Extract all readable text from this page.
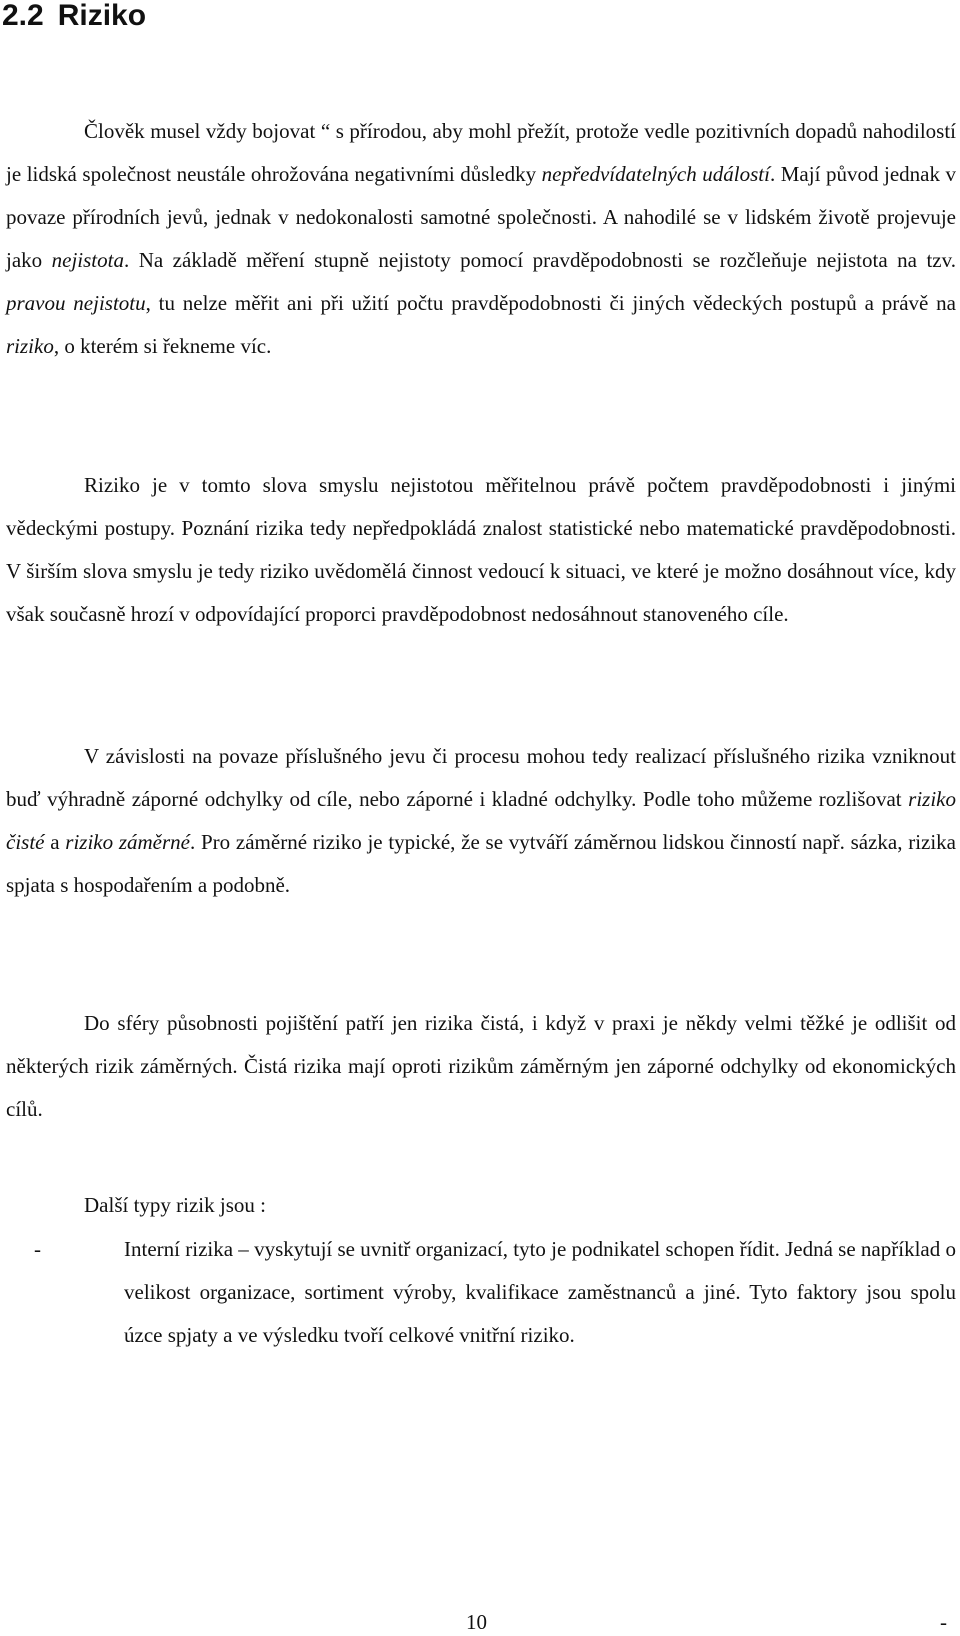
2.2 Riziko

Člověk musel vždy bojovat “ s přírodou, aby mohl přežít, protože vedle pozitivních dopadů nahodilostí je lidská společnost neustále ohrožována negativními důsledky nepředvídatelných událostí. Mají původ jednak v povaze přírodních jevů, jednak v nedokonalosti samotné společnosti. A nahodilé se v lidském životě projevuje jako nejistota. Na základě měření stupně nejistoty pomocí pravděpodobnosti se rozčleňuje nejistota na tzv. pravou nejistotu, tu nelze měřit ani při užití počtu pravděpodobnosti či jiných vědeckých postupů a právě na riziko, o kterém si řekneme víc.

Riziko je v tomto slova smyslu nejistotou měřitelnou právě počtem pravděpodobnosti i jinými vědeckými postupy. Poznání rizika tedy nepředpokládá znalost statistické nebo matematické pravděpodobnosti. V širším slova smyslu je tedy riziko uvědomělá činnost vedoucí k situaci, ve které je možno dosáhnout více, kdy však současně hrozí v odpovídající proporci pravděpodobnost nedosáhnout stanoveného cíle.

V závislosti na povaze příslušného jevu či procesu mohou tedy realizací příslušného rizika vzniknout buď výhradně záporné odchylky od cíle, nebo záporné i kladné odchylky. Podle toho můžeme rozlišovat riziko čisté a riziko záměrné. Pro záměrné riziko je typické, že se vytváří záměrnou lidskou činností např. sázka, rizika spjata s hospodařením a podobně.

Do sféry působnosti pojištění patří jen rizika čistá, i když v praxi je někdy velmi těžké je odlišit od některých rizik záměrných. Čistá rizika mají oproti rizikům záměrným jen záporné odchylky od ekonomických cílů.

Další typy rizik jsou :

-	Interní rizika – vyskytují se uvnitř organizací, tyto je podnikatel schopen řídit. Jedná se například o velikost organizace, sortiment výroby, kvalifikace zaměstnanců a jiné. Tyto faktory jsou spolu úzce spjaty a ve výsledku tvoří celkové vnitřní riziko.

10	-
